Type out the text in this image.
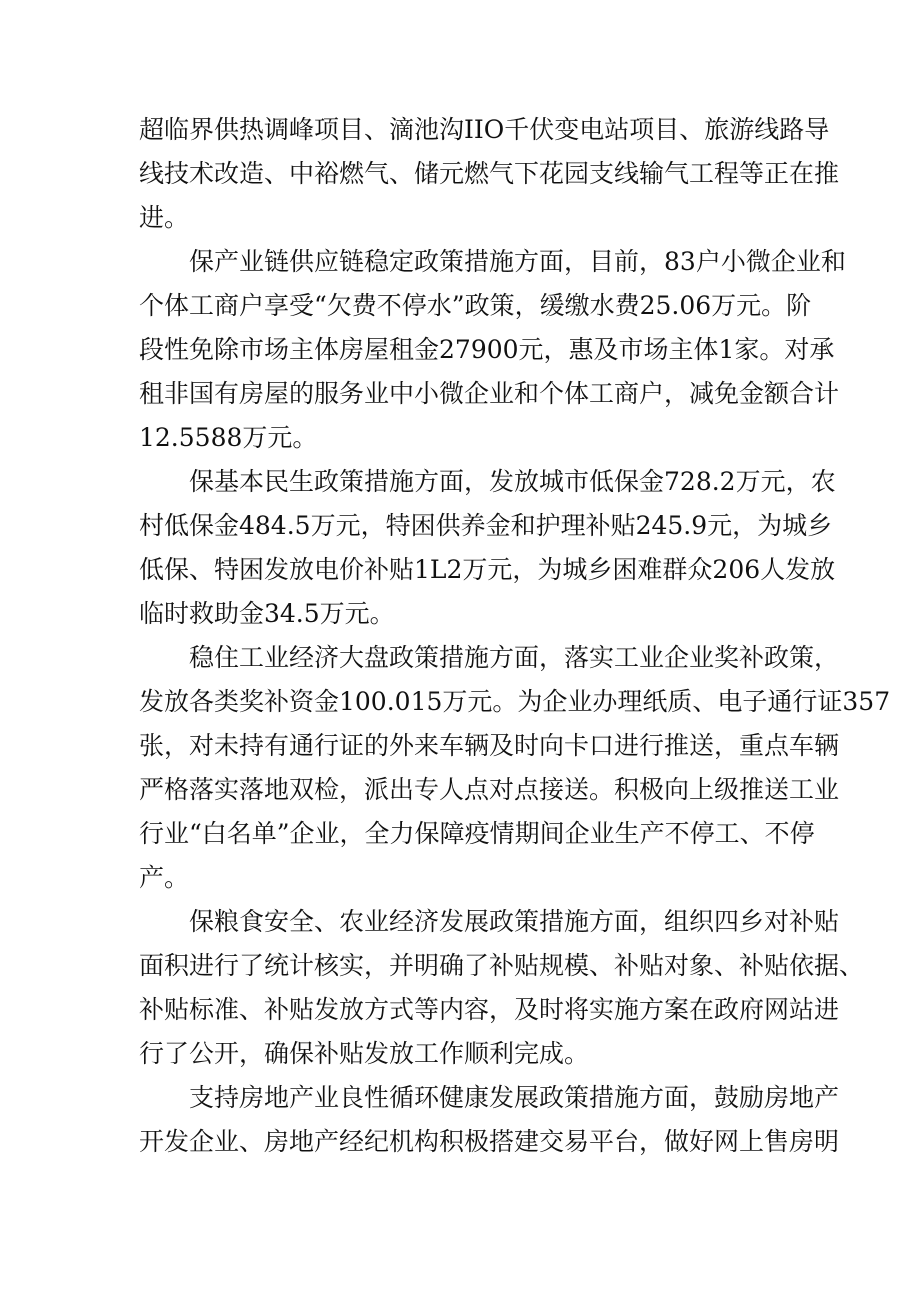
超临界供热调峰项目、滴池沟IIO千伏变电站项目、旅游线路导
线技术改造、中裕燃气、储元燃气下花园支线输气工程等正在推
进。
保产业链供应链稳定政策措施方面，目前，83户小微企业和
个体工商户享受“欠费不停水”政策，缓缴水费25.06万元。阶
段性免除市场主体房屋租金27900元，惠及市场主体1家。对承
租非国有房屋的服务业中小微企业和个体工商户，减免金额合计
12.5588万元。
保基本民生政策措施方面，发放城市低保金728.2万元，农
村低保金484.5万元，特困供养金和护理补贴245.9元，为城乡
低保、特困发放电价补贴1L2万元，为城乡困难群众206人发放
临时救助金34.5万元。
稳住工业经济大盘政策措施方面，落实工业企业奖补政策，
发放各类奖补资金100.015万元。为企业办理纸质、电子通行证357
张，对未持有通行证的外来车辆及时向卡口进行推送，重点车辆
严格落实落地双检，派出专人点对点接送。积极向上级推送工业
行业“白名单”企业，全力保障疫情期间企业生产不停工、不停
产。
保粮食安全、农业经济发展政策措施方面，组织四乡对补贴
面积进行了统计核实，并明确了补贴规模、补贴对象、补贴依据、
补贴标准、补贴发放方式等内容，及时将实施方案在政府网站进
行了公开，确保补贴发放工作顺利完成。
支持房地产业良性循环健康发展政策措施方面，鼓励房地产
开发企业、房地产经纪机构积极搭建交易平台，做好网上售房明
